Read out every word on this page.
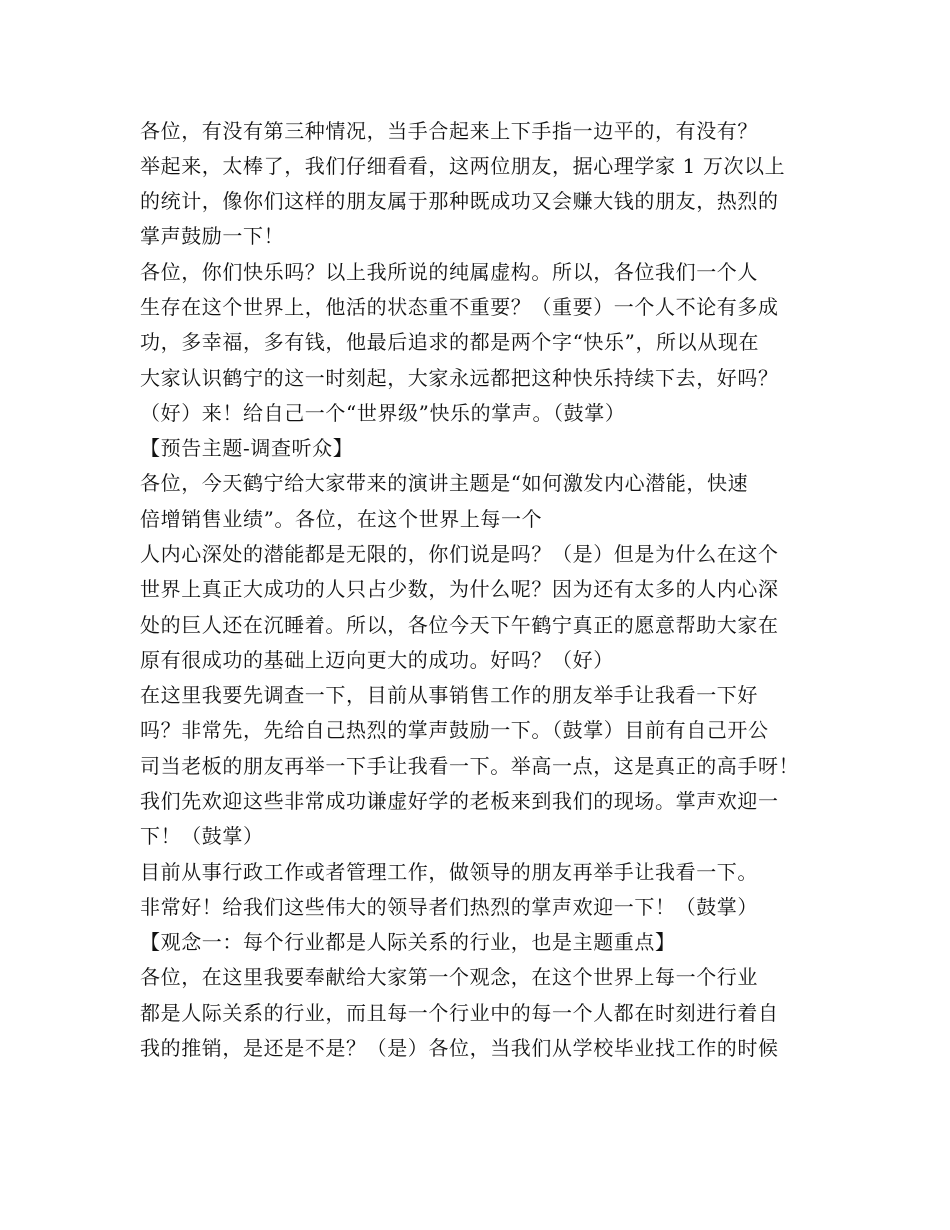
各位，有没有第三种情况，当手合起来上下手指一边平的，有没有？
举起来，太棒了，我们仔细看看，这两位朋友，据心理学家 1 万次以上
的统计，像你们这样的朋友属于那种既成功又会赚大钱的朋友，热烈的
掌声鼓励一下！
各位，你们快乐吗？以上我所说的纯属虚构。所以，各位我们一个人
生存在这个世界上，他活的状态重不重要？（重要）一个人不论有多成
功，多幸福，多有钱，他最后追求的都是两个字“快乐”，所以从现在
大家认识鹤宁的这一时刻起，大家永远都把这种快乐持续下去，好吗？
（好）来！给自己一个“世界级”快乐的掌声。（鼓掌）
【预告主题-调查听众】
各位，今天鹤宁给大家带来的演讲主题是“如何激发内心潜能，快速
倍增销售业绩”。各位，在这个世界上每一个
人内心深处的潜能都是无限的，你们说是吗？（是）但是为什么在这个
世界上真正大成功的人只占少数，为什么呢？因为还有太多的人内心深
处的巨人还在沉睡着。所以，各位今天下午鹤宁真正的愿意帮助大家在
原有很成功的基础上迈向更大的成功。好吗？（好）
在这里我要先调查一下，目前从事销售工作的朋友举手让我看一下好
吗？非常先，先给自己热烈的掌声鼓励一下。（鼓掌）目前有自己开公
司当老板的朋友再举一下手让我看一下。举高一点，这是真正的高手呀！
我们先欢迎这些非常成功谦虚好学的老板来到我们的现场。掌声欢迎一
下！（鼓掌）
目前从事行政工作或者管理工作，做领导的朋友再举手让我看一下。
非常好！给我们这些伟大的领导者们热烈的掌声欢迎一下！（鼓掌）
【观念一：每个行业都是人际关系的行业，也是主题重点】
各位，在这里我要奉献给大家第一个观念，在这个世界上每一个行业
都是人际关系的行业，而且每一个行业中的每一个人都在时刻进行着自
我的推销，是还是不是？（是）各位，当我们从学校毕业找工作的时候
